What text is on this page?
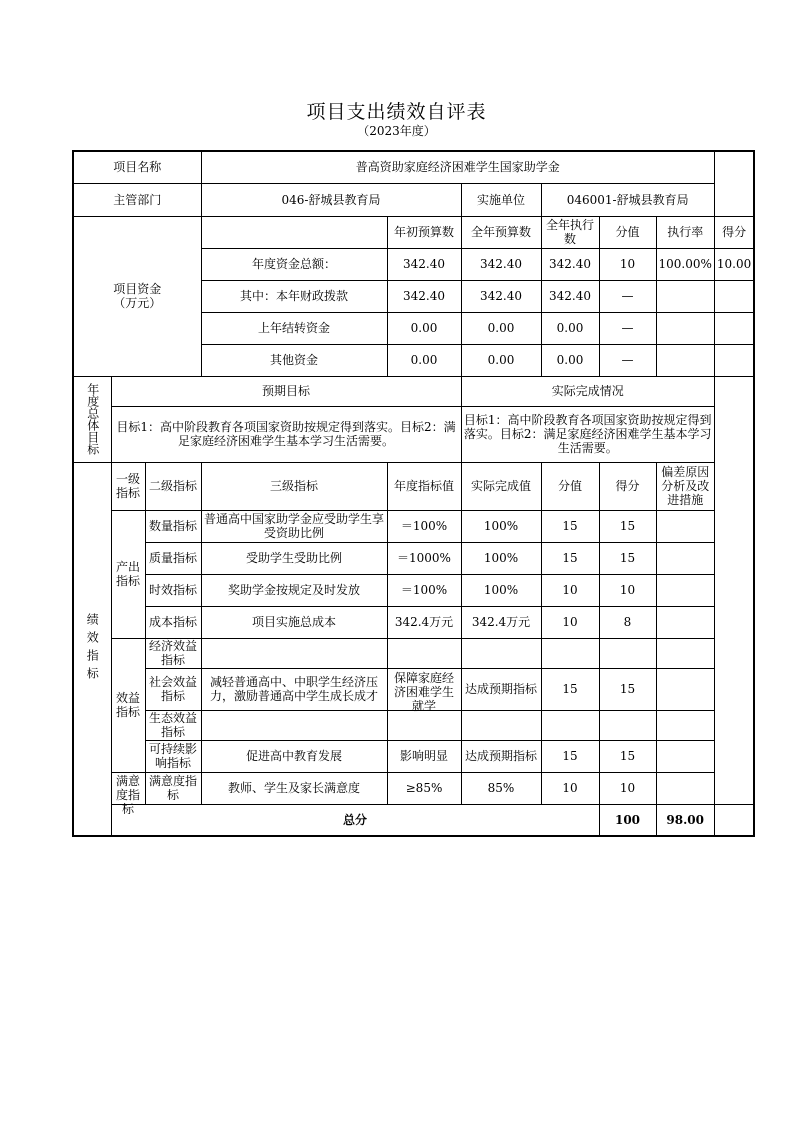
项目支出绩效自评表
（2023年度）
项目名称			普高资助家庭经济困难学生国家助学金						
主管部门			046-舒城县教育局		实施单位	046001-舒城县教育局			
项目资金
（万元）				年初预算数	全年预算数	全年执行数	分值	执行率	得分
			年度资金总额：	342.40	342.40	342.40	10	100.00%	10.00
			其中：本年财政拨款	342.40	342.40	342.40	—		
			上年结转资金	0.00	0.00	0.00	—		
			其他资金	0.00	0.00	0.00	—		
年度总体目标	预期目标				实际完成情况				
	目标1：高中阶段教育各项国家资助按规定得到落实。目标2：满足家庭经济困难学生基本学习生活需要。				目标1：高中阶段教育各项国家资助按规定得到落实。目标2：满足家庭经济困难学生基本学习生活需要。				
绩效指标	一级指标	二级指标	三级指标	年度指标值	实际完成值	分值	得分	偏差原因分析及改进措施	
	产出指标	数量指标	普通高中国家助学金应受助学生享受资助比例	＝100%	100%	15	15		
		质量指标	受助学生受助比例	＝1000%	100%	15	15		
		时效指标	奖助学金按规定及时发放	＝100%	100%	10	10		
		成本指标	项目实施总成本	342.4万元	342.4万元	10	8		
	效益指标	经济效益指标							
		社会效益指标	减轻普通高中、中职学生经济压力，激励普通高中学生成长成才	保障家庭经济困难学生就学	达成预期指标	15	15		
		生态效益指标							
		可持续影响指标	促进高中教育发展	影响明显	达成预期指标	15	15		

	满意度指标	满意度指标	教师、学生及家长满意度	≥85%	85%	10	10		
	总分						100	98.00	
